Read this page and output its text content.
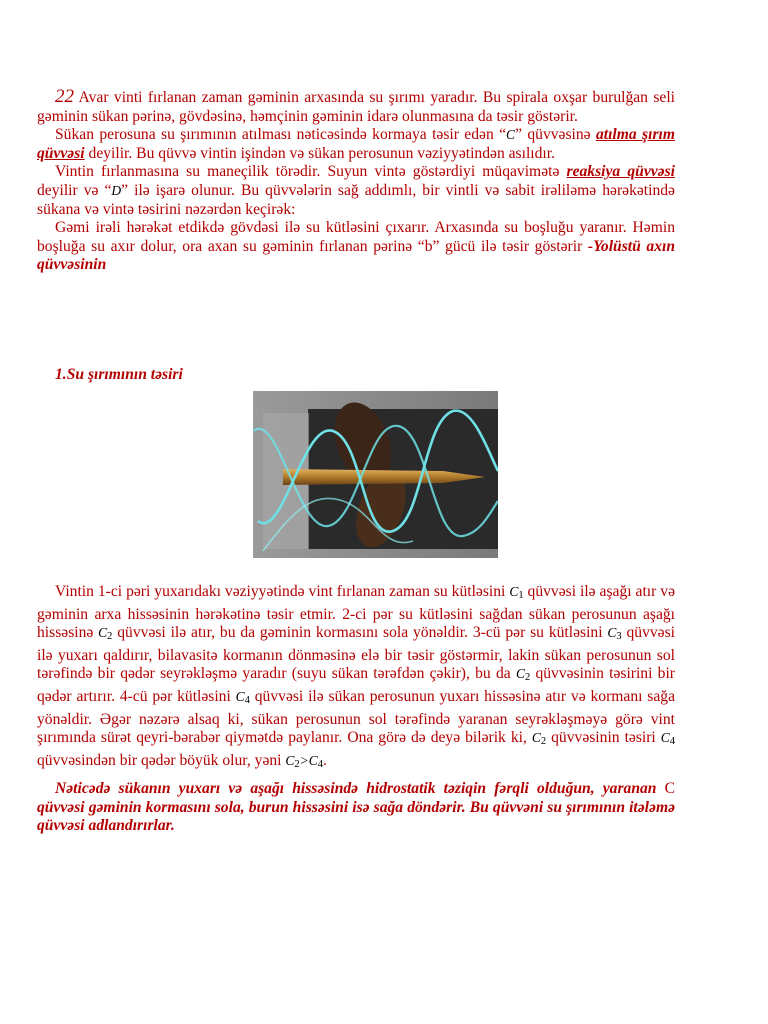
22 Avar vinti fırlanan zaman gəminin arxasında su şırımı yaradır. Bu spirala oxşar burulğan seli gəminin sükan pərinə, gövdəsinə, həmçinin gəminin idarə olunmasına da təsir göstərir.

Sükan perosuna su şırımının atılması nəticəsində kormaya təsir edən “C” qüvvəsinə atılma şırım qüvvəsi deyilir. Bu qüvvə vintin işindən və sükan perosunun vəziyyətindən asılıdır.

Vintin fırlanmasına su maneçilik törədir. Suyun vintə göstərdiyi müqavimətə reaksiya qüvvəsi deyilir və “D” ilə işarə olunur. Bu qüvvələrin sağ addımlı, bir vintli və sabit irəliləmə hərəkətində sükana və vintə təsirini nəzərdən keçirək:

Gəmi irəli hərəkət etdikdə gövdəsi ilə su kütləsini çıxarır. Arxasında su boşluğu yaranır. Həmin boşluğa su axır dolur, ora axan su gəminin fırlanan pərinə “b” gücü ilə təsir göstərir -Yolüstü axın qüvvəsinin

1.Su şırımının təsiri

Vintin 1-ci pəri yuxarıdakı vəziyyətində vint fırlanan zaman su kütləsini C1 qüvvəsi ilə aşağı atır və gəminin arxa hissəsinin hərəkətinə təsir etmir. 2-ci pər su kütləsini sağdan sükan perosunun aşağı hissəsinə C2 qüvvəsi ilə atır, bu da gəminin kormasını sola yönəldir. 3-cü pər su kütləsini C3 qüvvəsi ilə yuxarı qaldırır, bilavasitə kormanın dönməsinə elə bir təsir göstərmir, lakin sükan perosunun sol tərəfində bir qədər seyrəkləşmə yaradır (suyu sükan tərəfdən çəkir), bu da C2 qüvvəsinin təsirini bir qədər artırır. 4-cü pər kütləsini C4 qüvvəsi ilə sükan perosunun yuxarı hissəsinə atır və kormanı sağa yönəldir. Əgər nəzərə alsaq ki, sükan perosunun sol tərəfində yaranan seyrəkləşməyə görə vint şırımında sürət qeyri-bərabər qiymətdə paylanır. Ona görə də deyə bilərik ki, C2 qüvvəsinin təsiri C4 qüvvəsindən bir qədər böyük olur, yəni C2>C4.

Nəticədə sükanın yuxarı və aşağı hissəsində hidrostatik təziqin fərqli olduğun, yaranan C qüvvəsi gəminin kormasını sola, burun hissəsini isə sağa döndərir. Bu qüvvəni su şırımının itələmə qüvvəsi adlandırırlar.
